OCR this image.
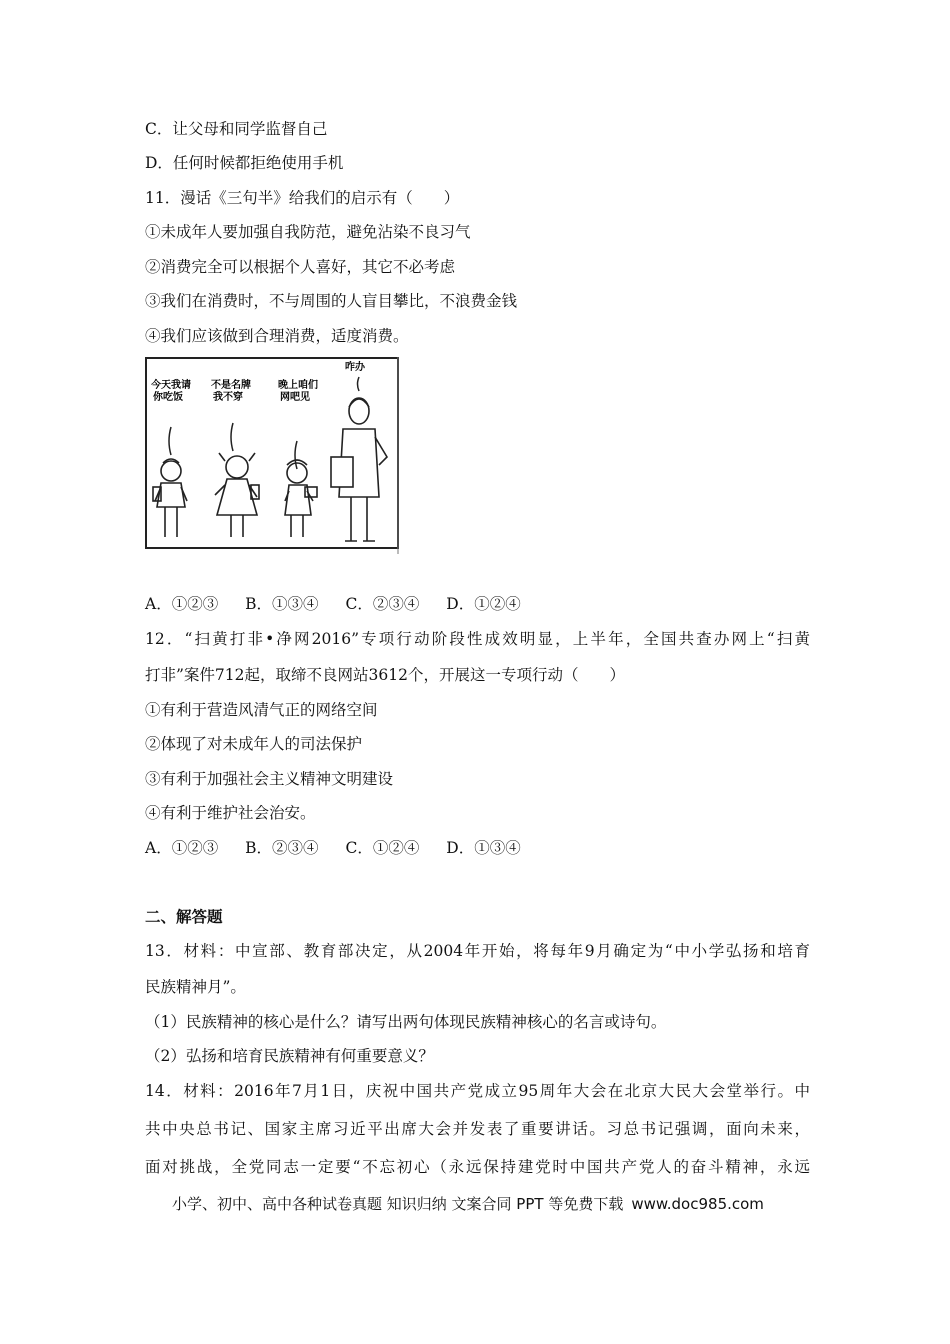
C．让父母和同学监督自己
D．任何时候都拒绝使用手机
11．漫话《三句半》给我们的启示有（　　）
①未成年人要加强自我防范，避免沾染不良习气
②消费完全可以根据个人喜好，其它不必考虑
③我们在消费时，不与周围的人盲目攀比，不浪费金钱
④我们应该做到合理消费，适度消费。
今天我请
你吃饭
不是名牌
我不穿
晚上咱们
网吧见
咋办
A．①②③ B．①③④ C．②③④ D．①②④
12．“扫黄打非•净网2016”专项行动阶段性成效明显，上半年，全国共查办网上“扫黄
打非”案件712起，取缔不良网站3612个，开展这一专项行动（　　）
①有利于营造风清气正的网络空间
②体现了对未成年人的司法保护
③有利于加强社会主义精神文明建设
④有利于维护社会治安。
A．①②③ B．②③④ C．①②④ D．①③④
二、解答题
13．材料：中宣部、教育部决定，从2004年开始，将每年9月确定为“中小学弘扬和培育
民族精神月”。
（1）民族精神的核心是什么？请写出两句体现民族精神核心的名言或诗句。
（2）弘扬和培育民族精神有何重要意义？
14．材料：2016年7月1日，庆祝中国共产党成立95周年大会在北京大民大会堂举行。中
共中央总书记、国家主席习近平出席大会并发表了重要讲话。习总书记强调，面向未来，
面对挑战，全党同志一定要“不忘初心（永远保持建党时中国共产党人的奋斗精神，永远
小学、初中、高中各种试卷真题 知识归纳 文案合同 PPT 等免费下载 www.doc985.com
